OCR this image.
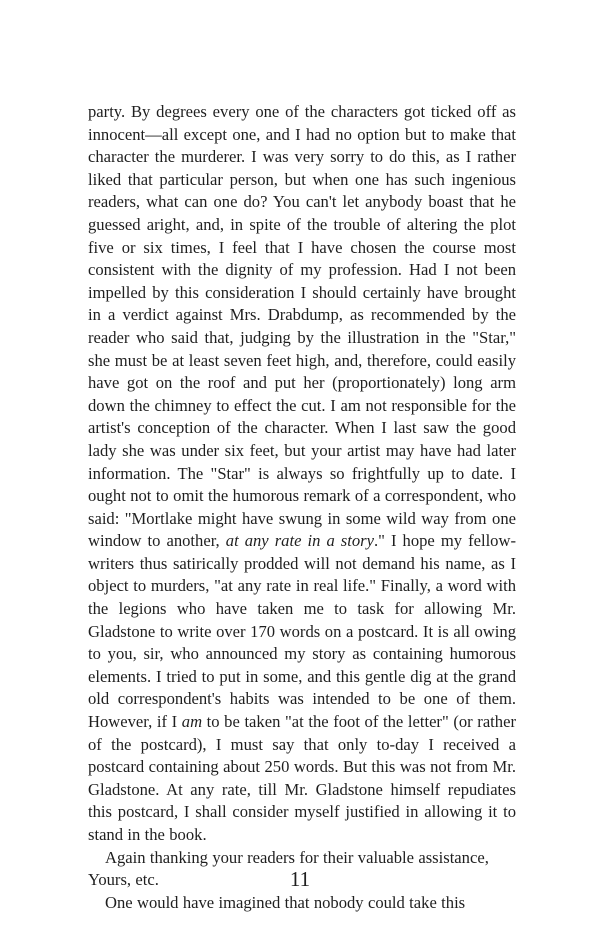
party. By degrees every one of the characters got ticked off as innocent—all except one, and I had no option but to make that character the murderer. I was very sorry to do this, as I rather liked that particular person, but when one has such ingenious readers, what can one do? You can't let anybody boast that he guessed aright, and, in spite of the trouble of altering the plot five or six times, I feel that I have chosen the course most consistent with the dignity of my profession. Had I not been impelled by this consideration I should certainly have brought in a verdict against Mrs. Drabdump, as recommended by the reader who said that, judging by the illustration in the "Star," she must be at least seven feet high, and, therefore, could easily have got on the roof and put her (proportionately) long arm down the chimney to effect the cut. I am not responsible for the artist's conception of the character. When I last saw the good lady she was under six feet, but your artist may have had later information. The "Star" is always so frightfully up to date. I ought not to omit the humorous remark of a correspondent, who said: "Mortlake might have swung in some wild way from one window to another, at any rate in a story." I hope my fellow-writers thus satirically prodded will not demand his name, as I object to murders, "at any rate in real life." Finally, a word with the legions who have taken me to task for allowing Mr. Gladstone to write over 170 words on a postcard. It is all owing to you, sir, who announced my story as containing humorous elements. I tried to put in some, and this gentle dig at the grand old correspondent's habits was intended to be one of them. However, if I am to be taken "at the foot of the letter" (or rather of the postcard), I must say that only to-day I received a postcard containing about 250 words. But this was not from Mr. Gladstone. At any rate, till Mr. Gladstone himself repudiates this postcard, I shall consider myself justified in allowing it to stand in the book.

Again thanking your readers for their valuable assistance,

Yours, etc.

One would have imagined that nobody could take this

11
